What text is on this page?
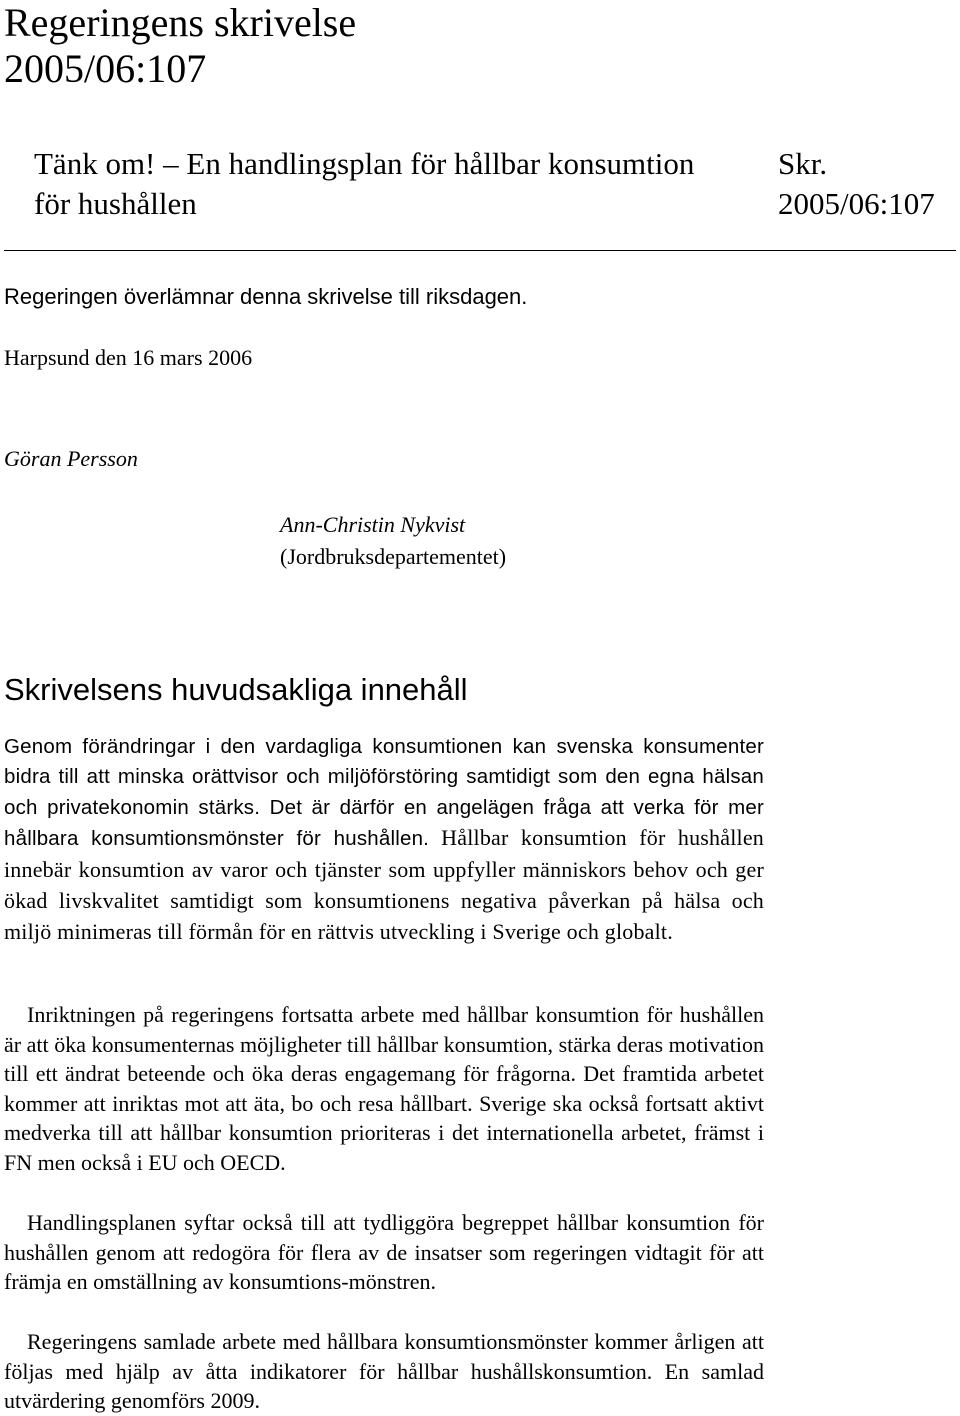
Regeringens skrivelse
2005/06:107
Tänk om! – En handlingsplan för hållbar konsumtion
för hushållen
Skr.
2005/06:107

Regeringen överlämnar denna skrivelse till riksdagen.

Harpsund den 16 mars 2006

Göran Persson

Ann-Christin Nykvist

(Jordbruksdepartementet)

Skrivelsens huvudsakliga innehåll

Genom förändringar i den vardagliga konsumtionen kan svenska konsumenter bidra till att minska orättvisor och miljöförstöring samtidigt som den egna hälsan och privatekonomin stärks. Det är därför en angelägen fråga att verka för mer hållbara konsumtionsmönster för hushållen. Hållbar konsumtion för hushållen innebär konsumtion av varor och tjänster som uppfyller människors behov och ger ökad livskvalitet samtidigt som konsumtionens negativa påverkan på hälsa och miljö minimeras till förmån för en rättvis utveckling i Sverige och globalt.

Inriktningen på regeringens fortsatta arbete med hållbar konsumtion för hushållen är att öka konsumenternas möjligheter till hållbar konsumtion, stärka deras motivation till ett ändrat beteende och öka deras engagemang för frågorna. Det framtida arbetet kommer att inriktas mot att äta, bo och resa hållbart. Sverige ska också fortsatt aktivt medverka till att hållbar konsumtion prioriteras i det internationella arbetet, främst i FN men också i EU och OECD.

Handlingsplanen syftar också till att tydliggöra begreppet hållbar konsumtion för hushållen genom att redogöra för flera av de insatser som regeringen vidtagit för att främja en omställning av konsumtions-mönstren.

Regeringens samlade arbete med hållbara konsumtionsmönster kommer årligen att följas med hjälp av åtta indikatorer för hållbar hushållskonsumtion. En samlad utvärdering genomförs 2009.
